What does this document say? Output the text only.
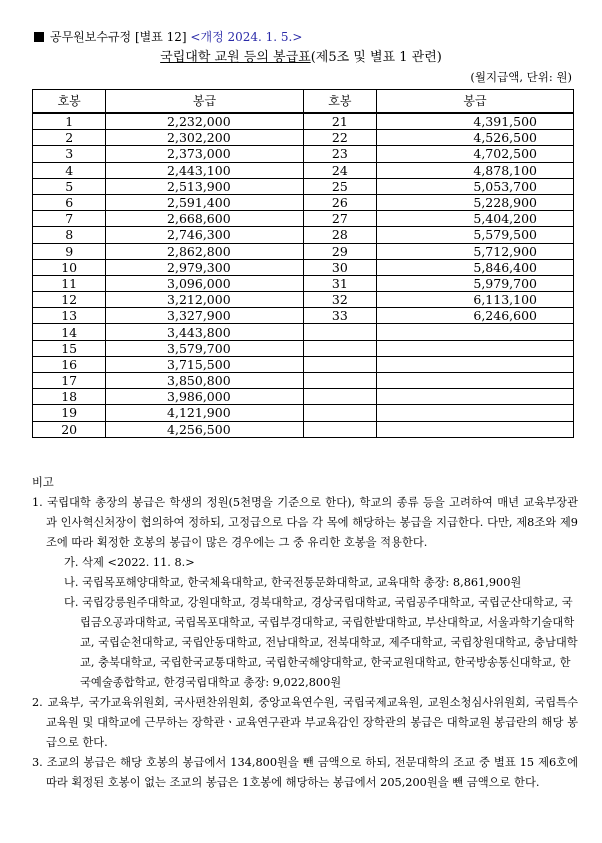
공무원보수규정 [별표 12] <개정 2024. 1. 5.>
국립대학 교원 등의 봉급표(제5조 및 별표 1 관련)
(월지급액, 단위: 원)
호봉	봉급	호봉	봉급
1	2,232,000	21	4,391,500
2	2,302,200	22	4,526,500
3	2,373,000	23	4,702,500
4	2,443,100	24	4,878,100
5	2,513,900	25	5,053,700
6	2,591,400	26	5,228,900
7	2,668,600	27	5,404,200
8	2,746,300	28	5,579,500
9	2,862,800	29	5,712,900
10	2,979,300	30	5,846,400
11	3,096,000	31	5,979,700
12	3,212,000	32	6,113,100
13	3,327,900	33	6,246,600
14	3,443,800		
15	3,579,700		
16	3,715,500		
17	3,850,800		
18	3,986,000		
19	4,121,900		
20	4,256,500		

비고

1. 국립대학 총장의 봉급은 학생의 정원(5천명을 기준으로 한다), 학교의 종류 등을 고려하여 매년 교육부장관과 인사혁신처장이 협의하여 정하되, 고정급으로 다음 각 목에 해당하는 봉급을 지급한다. 다만, 제8조와 제9조에 따라 획정한 호봉의 봉급이 많은 경우에는 그 중 유리한 호봉을 적용한다.

가. 삭제 <2022. 11. 8.>

나. 국립목포해양대학교, 한국체육대학교, 한국전통문화대학교, 교육대학 총장: 8,861,900원

다. 국립강릉원주대학교, 강원대학교, 경북대학교, 경상국립대학교, 국립공주대학교, 국립군산대학교, 국립금오공과대학교, 국립목포대학교, 국립부경대학교, 국립한밭대학교, 부산대학교, 서울과학기술대학교, 국립순천대학교, 국립안동대학교, 전남대학교, 전북대학교, 제주대학교, 국립창원대학교, 충남대학교, 충북대학교, 국립한국교통대학교, 국립한국해양대학교, 한국교원대학교, 한국방송통신대학교, 한국예술종합학교, 한경국립대학교 총장: 9,022,800원

2. 교육부, 국가교육위원회, 국사편찬위원회, 중앙교육연수원, 국립국제교육원, 교원소청심사위원회, 국립특수교육원 및 대학교에 근무하는 장학관ㆍ교육연구관과 부교육감인 장학관의 봉급은 대학교원 봉급란의 해당 봉급으로 한다.

3. 조교의 봉급은 해당 호봉의 봉급에서 134,800원을 뺀 금액으로 하되, 전문대학의 조교 중 별표 15 제6호에 따라 획정된 호봉이 없는 조교의 봉급은 1호봉에 해당하는 봉급에서 205,200원을 뺀 금액으로 한다.
